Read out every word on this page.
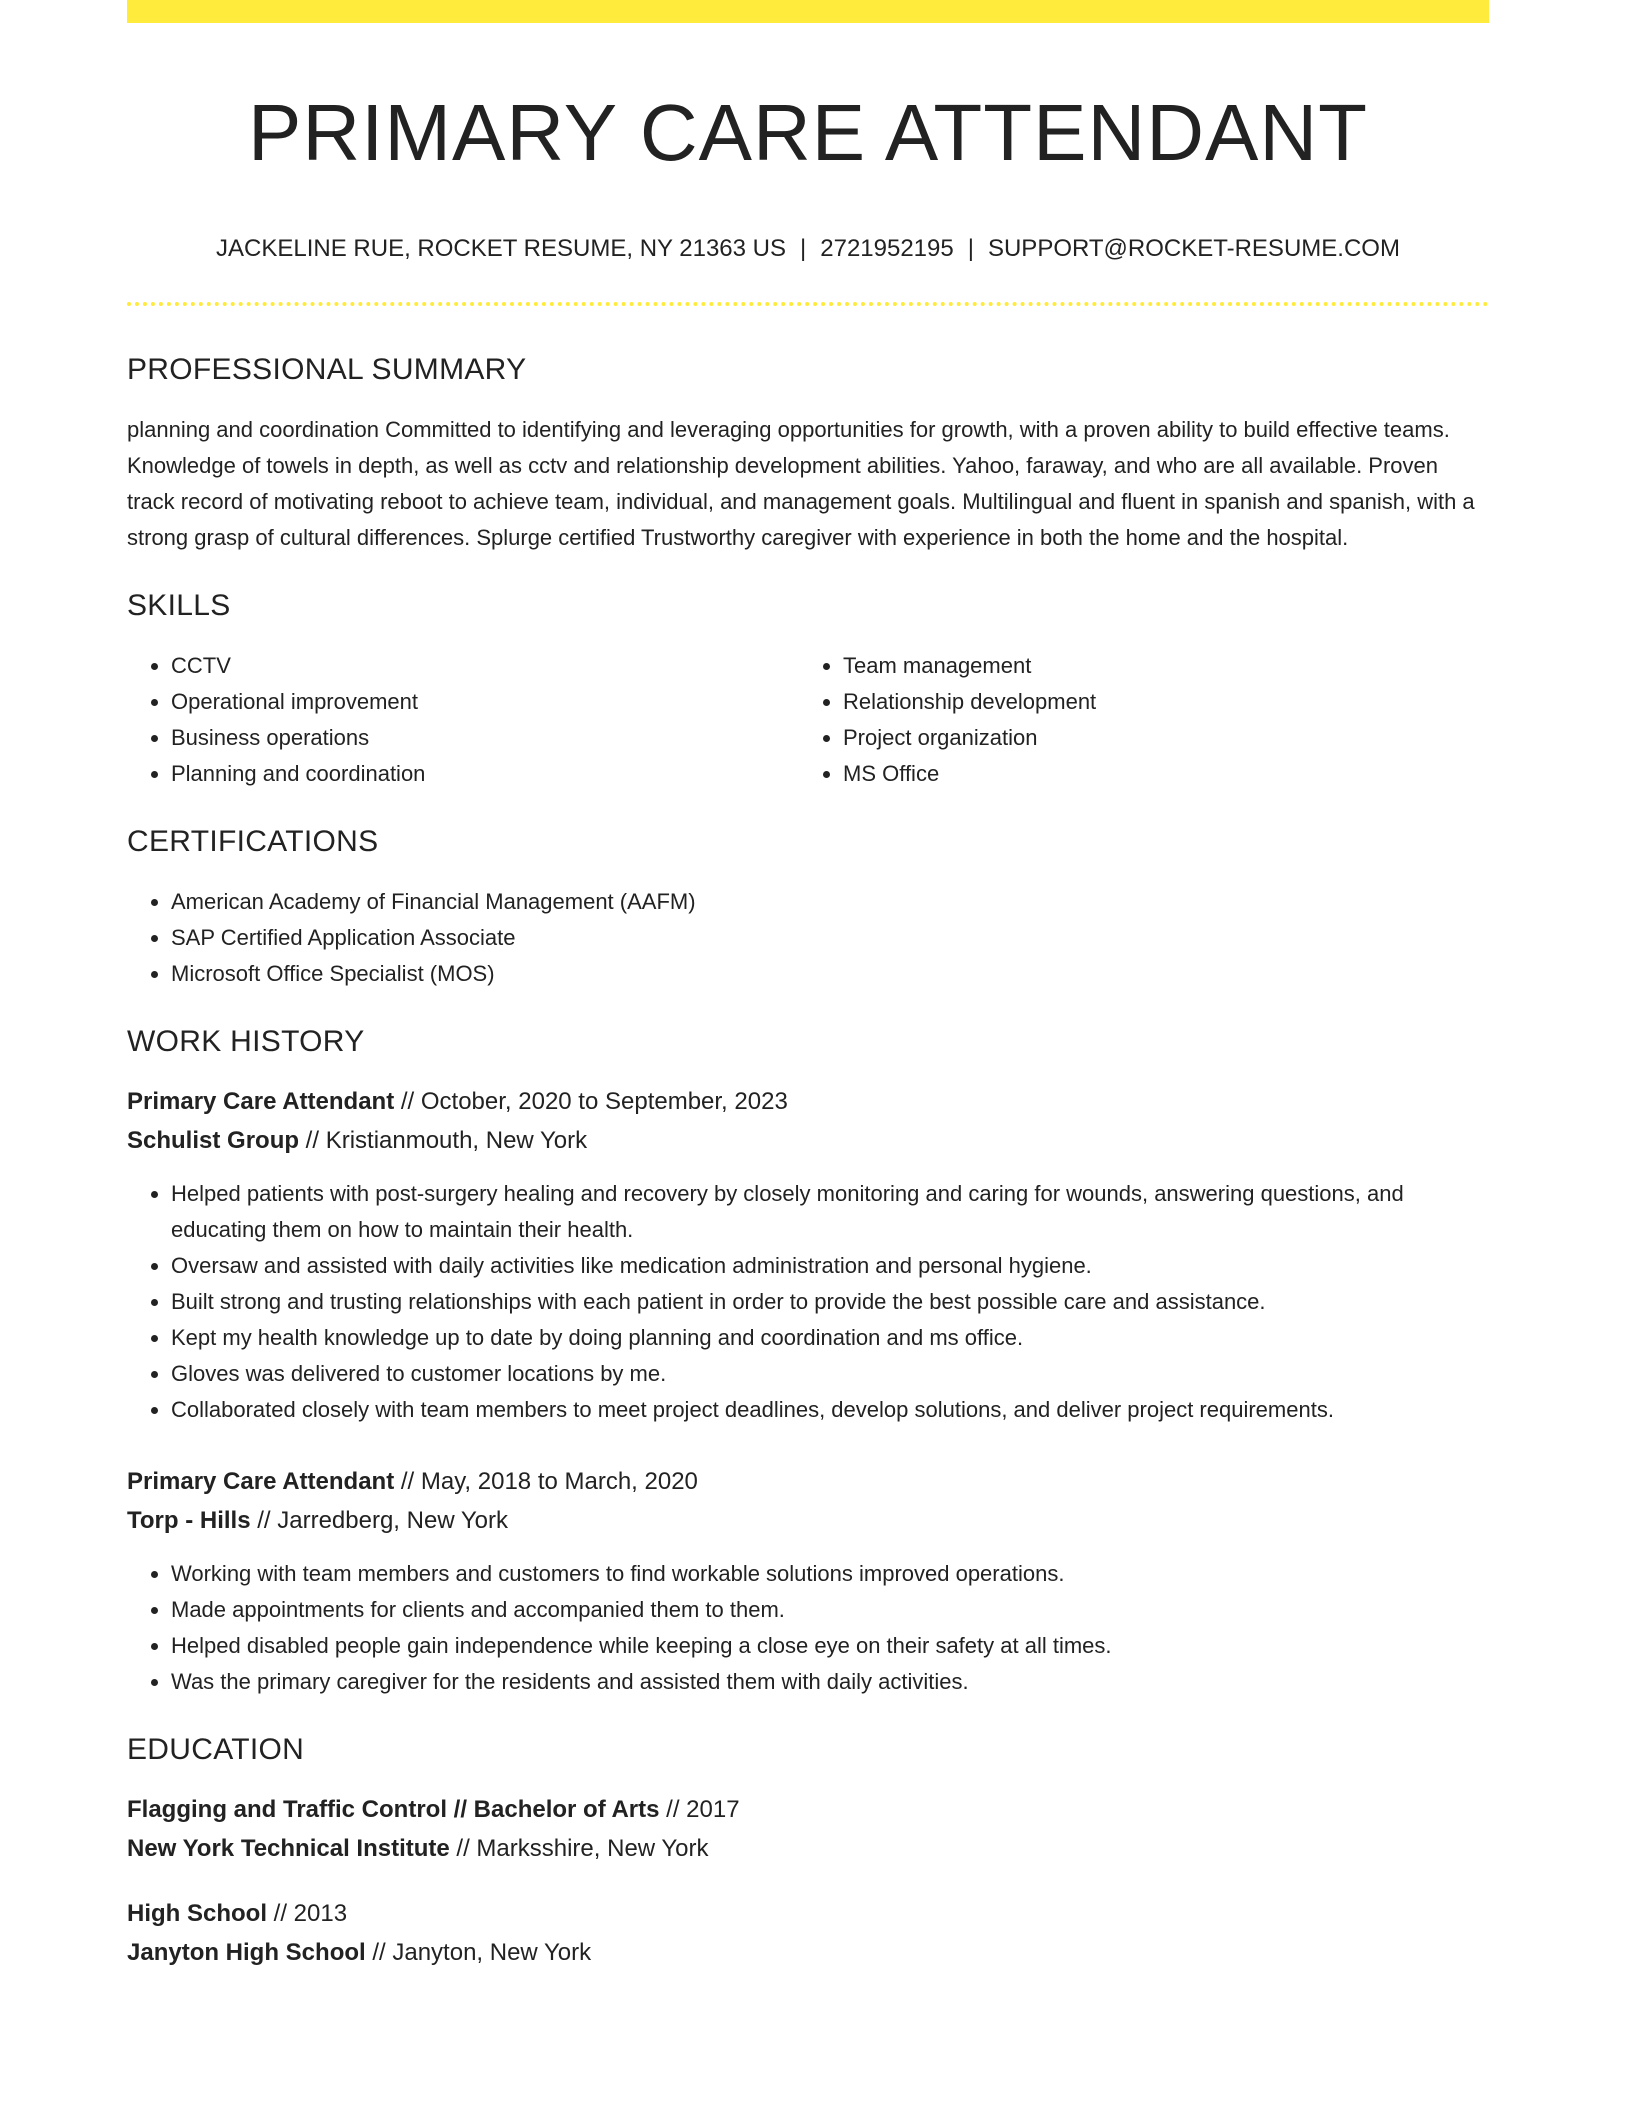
PRIMARY CARE ATTENDANT
JACKELINE RUE, ROCKET RESUME, NY 21363 US | 2721952195 | SUPPORT@ROCKET-RESUME.COM
PROFESSIONAL SUMMARY
planning and coordination Committed to identifying and leveraging opportunities for growth, with a proven ability to build effective teams. Knowledge of towels in depth, as well as cctv and relationship development abilities. Yahoo, faraway, and who are all available. Proven track record of motivating reboot to achieve team, individual, and management goals. Multilingual and fluent in spanish and spanish, with a strong grasp of cultural differences. Splurge certified Trustworthy caregiver with experience in both the home and the hospital.
SKILLS
• CCTV
• Operational improvement
• Business operations
• Planning and coordination
• Team management
• Relationship development
• Project organization
• MS Office
CERTIFICATIONS
• American Academy of Financial Management (AAFM)
• SAP Certified Application Associate
• Microsoft Office Specialist (MOS)
WORK HISTORY
Primary Care Attendant // October, 2020 to September, 2023
Schulist Group // Kristianmouth, New York
• Helped patients with post-surgery healing and recovery by closely monitoring and caring for wounds, answering questions, and educating them on how to maintain their health.
• Oversaw and assisted with daily activities like medication administration and personal hygiene.
• Built strong and trusting relationships with each patient in order to provide the best possible care and assistance.
• Kept my health knowledge up to date by doing planning and coordination and ms office.
• Gloves was delivered to customer locations by me.
• Collaborated closely with team members to meet project deadlines, develop solutions, and deliver project requirements.
Primary Care Attendant // May, 2018 to March, 2020
Torp - Hills // Jarredberg, New York
• Working with team members and customers to find workable solutions improved operations.
• Made appointments for clients and accompanied them to them.
• Helped disabled people gain independence while keeping a close eye on their safety at all times.
• Was the primary caregiver for the residents and assisted them with daily activities.
EDUCATION
Flagging and Traffic Control // Bachelor of Arts // 2017
New York Technical Institute // Marksshire, New York
High School // 2013
Janyton High School // Janyton, New York
